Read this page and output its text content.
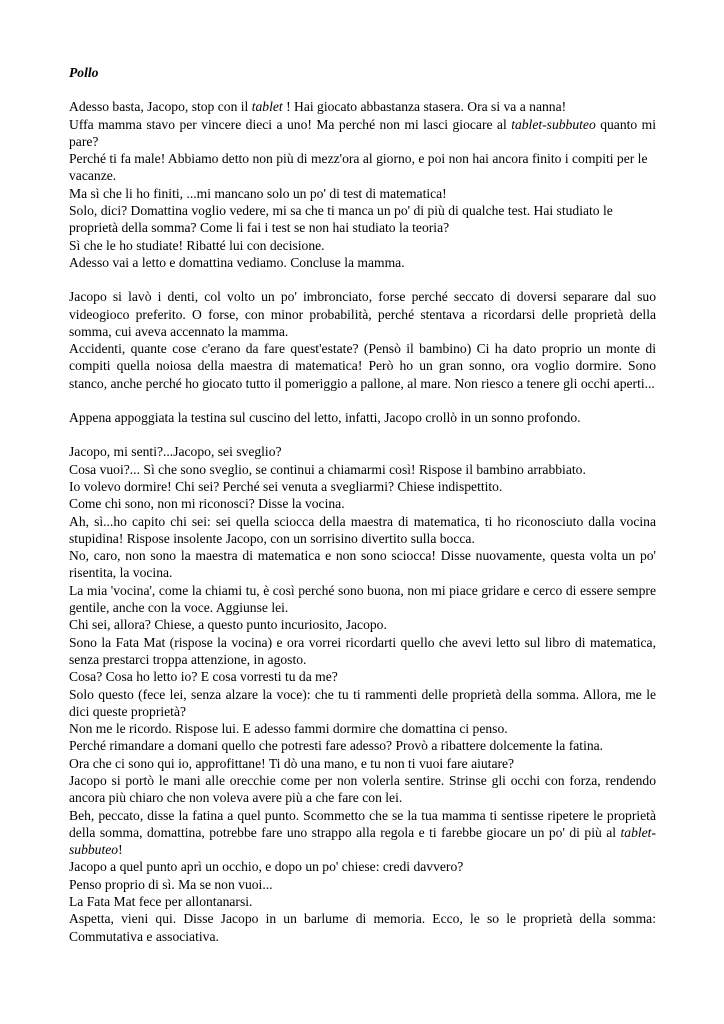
Pollo

Adesso basta, Jacopo, stop con il tablet ! Hai giocato abbastanza stasera. Ora si va a nanna!

Uffa mamma stavo per vincere dieci a uno! Ma perché non mi lasci giocare al tablet-subbuteo quanto mi pare?

Perché ti fa male! Abbiamo detto non più di mezz'ora al giorno, e poi non hai ancora finito i compiti per le vacanze.

Ma sì che li ho finiti, ...mi mancano solo un po' di test di matematica!

Solo, dici? Domattina voglio vedere, mi sa che ti manca un po' di più di qualche test. Hai studiato le proprietà della somma? Come li fai i test se non hai studiato la teoria?

Sì che le ho studiate! Ribatté lui con decisione.

Adesso vai a letto e domattina vediamo. Concluse la mamma.

Jacopo si lavò i denti, col volto un po' imbronciato, forse perché seccato di doversi separare dal suo videogioco preferito. O forse, con minor probabilità, perché stentava a ricordarsi delle proprietà della somma, cui aveva accennato la mamma.

Accidenti, quante cose c'erano da fare quest'estate? (Pensò il bambino) Ci ha dato proprio un monte di compiti quella noiosa della maestra di matematica! Però ho un gran sonno, ora voglio dormire. Sono stanco, anche perché ho giocato tutto il pomeriggio a pallone, al mare. Non riesco a tenere gli occhi aperti...

Appena appoggiata la testina sul cuscino del letto, infatti, Jacopo crollò in un sonno profondo.

Jacopo, mi senti?...Jacopo, sei sveglio?

Cosa vuoi?... Sì che sono sveglio, se continui a chiamarmi così! Rispose il bambino arrabbiato.

Io volevo dormire! Chi sei? Perché sei venuta a svegliarmi? Chiese indispettito.

Come chi sono, non mi riconosci? Disse la vocina.

Ah, sì...ho capito chi sei: sei quella sciocca della maestra di matematica, ti ho riconosciuto dalla vocina stupidina! Rispose insolente Jacopo, con un sorrisino divertito sulla bocca.

No, caro, non sono la maestra di matematica e non sono sciocca! Disse nuovamente, questa volta un po' risentita, la vocina.

La mia 'vocina', come la chiami tu, è così perché sono buona, non mi piace gridare e cerco di essere sempre gentile, anche con la voce. Aggiunse lei.

Chi sei, allora? Chiese, a questo punto incuriosito, Jacopo.

Sono la Fata Mat (rispose la vocina) e ora vorrei ricordarti quello che avevi letto sul libro di matematica, senza prestarci troppa attenzione, in agosto.

Cosa? Cosa ho letto io? E cosa vorresti tu da me?

Solo questo (fece lei, senza alzare la voce): che tu ti rammenti delle proprietà della somma. Allora, me le dici queste proprietà?

Non me le ricordo. Rispose lui. E adesso fammi dormire che domattina ci penso.

Perché rimandare a domani quello che potresti fare adesso? Provò a ribattere dolcemente la fatina.

Ora che ci sono qui io, approfittane! Ti dò una mano, e tu non ti vuoi fare aiutare?

Jacopo si portò le mani alle orecchie come per non volerla sentire. Strinse gli occhi con forza, rendendo ancora più chiaro che non voleva avere più a che fare con lei.

Beh, peccato, disse la fatina a quel punto. Scommetto che se la tua mamma ti sentisse ripetere le proprietà della somma, domattina, potrebbe fare uno strappo alla regola e ti farebbe giocare un po' di più al tablet-subbuteo!

Jacopo a quel punto aprì un occhio, e dopo un po' chiese: credi davvero?

Penso proprio di sì. Ma se non vuoi...

La Fata Mat fece per allontanarsi.

Aspetta, vieni qui. Disse Jacopo in un barlume di memoria. Ecco, le so le proprietà della somma: Commutativa e associativa.
